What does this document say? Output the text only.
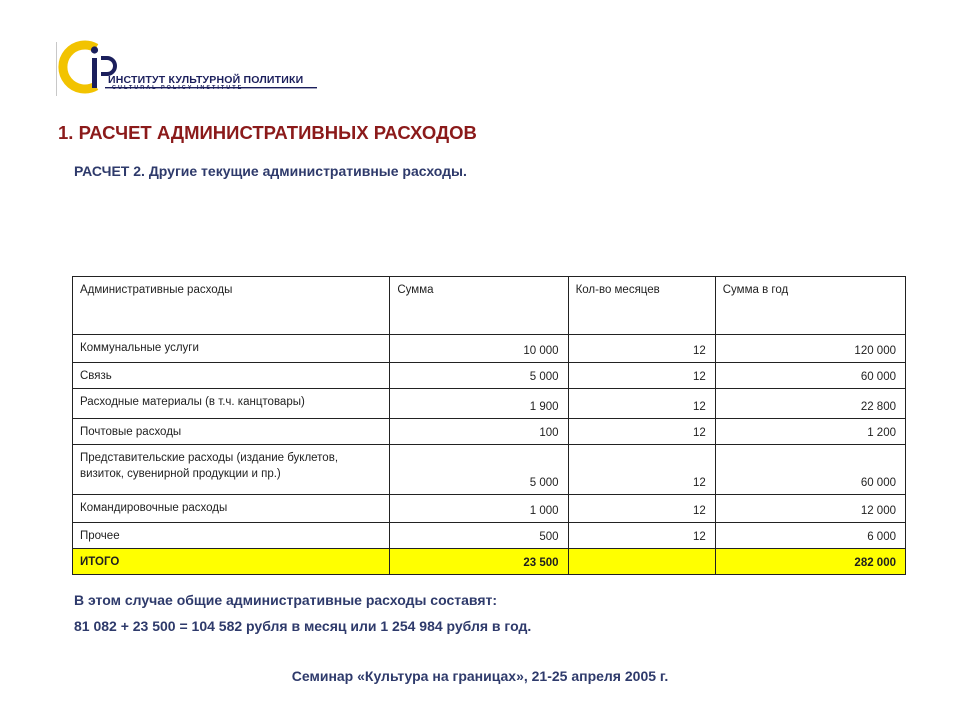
ИНСТИТУТ КУЛЬТУРНОЙ ПОЛИТИКИ
CULTURAL POLICY INSTITUTE
1. РАСЧЕТ АДМИНИСТРАТИВНЫХ РАСХОДОВ
РАСЧЕТ 2. Другие текущие административные расходы.
Административные расходы	Сумма	Кол-во месяцев	Сумма в год
Коммунальные услуги	10 000	12	120 000
Связь	5 000	12	60 000
Расходные материалы (в т.ч. канцтовары)	1 900	12	22 800
Почтовые расходы	100	12	1 200
Представительские расходы (издание буклетов, визиток, сувенирной продукции и пр.)	5 000	12	60 000
Командировочные расходы	1 000	12	12 000
Прочее	500	12	6 000
ИТОГО	23 500		282 000
В этом случае общие административные расходы составят:
81 082 + 23 500 = 104 582 рубля в месяц или 1 254 984 рубля в год.
Семинар «Культура на границах», 21-25 апреля 2005 г.
